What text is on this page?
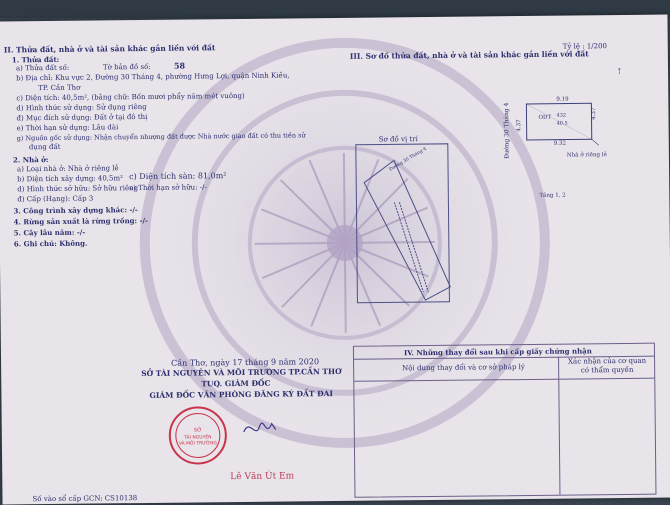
II. Thửa đất, nhà ở và tài sản khác gắn liền với đất
1. Thửa đất:
a) Thửa đất số:	Tờ bản đồ số:	58
b) Địa chỉ: Khu vực 2, Đường 30 Tháng 4, phường Hưng Lợi, quận Ninh Kiều,
TP. Cần Thơ
c) Diện tích: 40,5m², (bằng chữ: Bốn mươi phẩy năm mét vuông)
d) Hình thức sử dụng: Sử dụng riêng
đ) Mục đích sử dụng: Đất ở tại đô thị
e) Thời hạn sử dụng: Lâu dài
g) Nguồn gốc sử dụng: Nhận chuyển nhượng đất được Nhà nước giao đất có thu tiền sử
dụng đất
2. Nhà ở:
a) Loại nhà ở: Nhà ở riêng lẻ
b) Diện tích xây dựng: 40,5m² c) Diện tích sàn: 81,0m²
d) Hình thức sở hữu: Sở hữu riêng
e) Thời hạn sở hữu: -/-
đ) Cấp (Hạng): Cấp 3
3. Công trình xây dựng khác: -/-
4. Rừng sản xuất là rừng trồng: -/-
5. Cây lâu năm: -/-
6. Ghi chú: Không.
III. Sơ đồ thửa đất, nhà ở và tài sản khác gắn liền với đất
Tỷ lệ : 1/200
Sơ đồ vị trí
Đường 30 Tháng 4
Đường 30 Tháng 4
9.19
9.32
4.37
4.37
ODT 432
40.5
Nhà ở riêng lẻ
Tầng 1, 2
⇡
Cần Thơ, ngày 17 tháng 9 năm 2020
SỞ TÀI NGUYÊN VÀ MÔI TRƯỜNG TP.CẦN THƠ
TUQ. GIÁM ĐỐC
GIÁM ĐỐC VĂN PHÒNG ĐĂNG KÝ ĐẤT ĐAI
SỞ
TÀI NGUYÊN
VÀ MÔI TRƯỜNG
Lê Văn Út Em
Số vào sổ cấp GCN: CS10138
IV. Những thay đổi sau khi cấp giấy chứng nhận
Nội dung thay đổi và cơ sở pháp lý
Xác nhận của cơ quan có thẩm quyền
